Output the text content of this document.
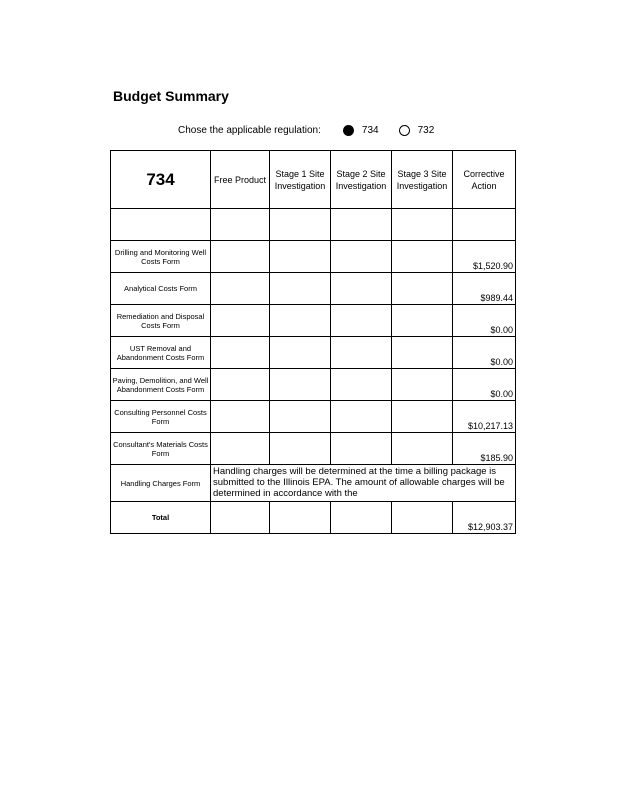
Budget Summary
Chose the applicable regulation:	734	732
734	Free Product	Stage 1 Site Investigation	Stage 2 Site Investigation	Stage 3 Site Investigation	Corrective Action

Drilling and Monitoring Well Costs Form					$1,520.90
Analytical Costs Form					$989.44
Remediation and Disposal Costs Form					$0.00
UST Removal and Abandonment Costs Form					$0.00
Paving, Demolition, and Well Abandonment Costs Form					$0.00
Consulting Personnel Costs Form					$10,217.13
Consultant's Materials Costs Form					$185.90
Handling Charges Form	Handling charges will be determined at the time a billing package is submitted to the Illinois EPA. The amount of allowable charges will be determined in accordance with the				
Total					$12,903.37
